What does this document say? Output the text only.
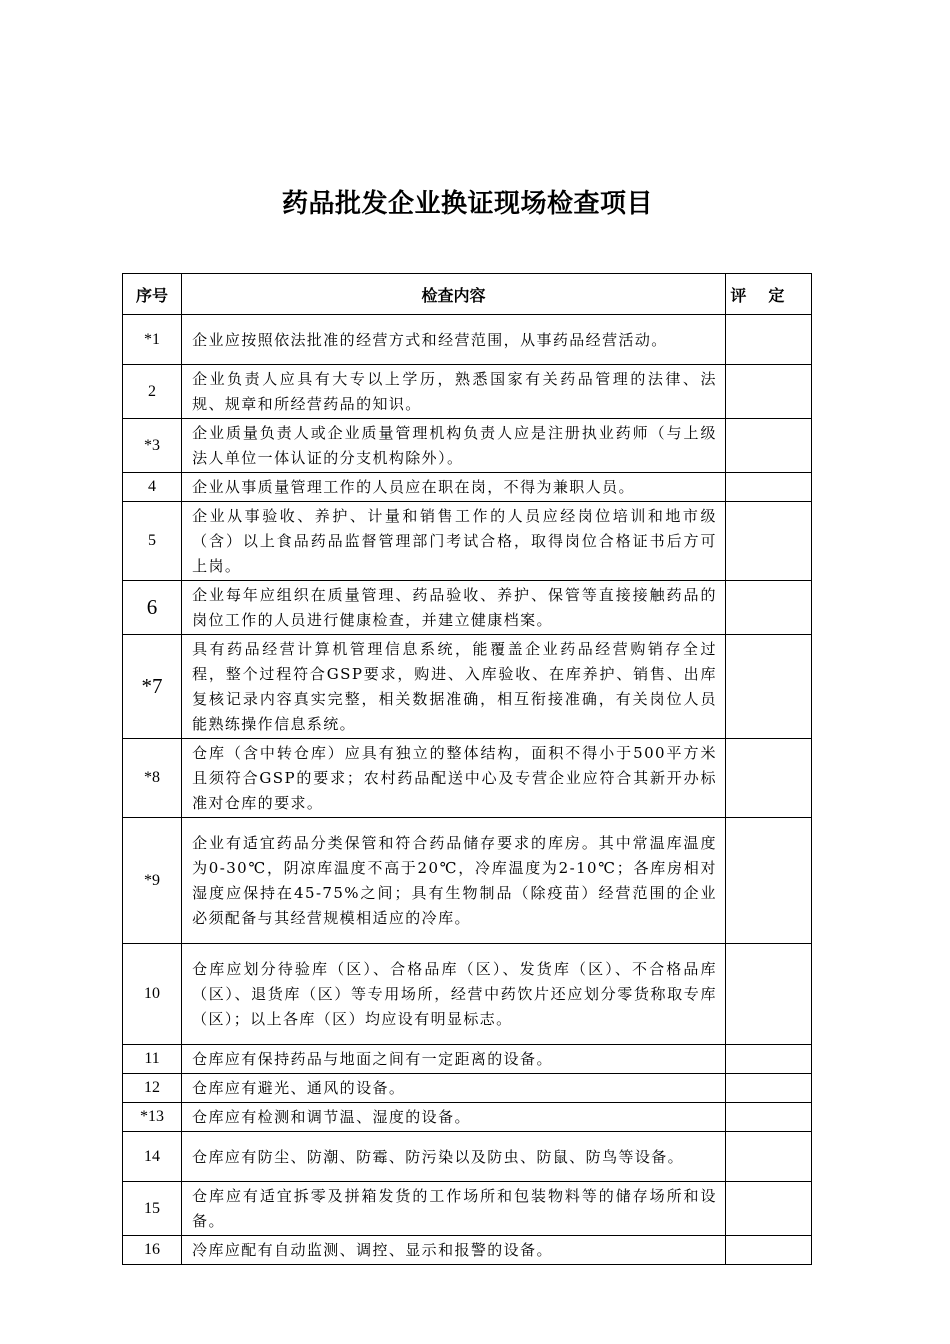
药品批发企业换证现场检查项目
序号	检查内容	评定
*1	企业应按照依法批准的经营方式和经营范围，从事药品经营活动。	
2	企业负责人应具有大专以上学历，熟悉国家有关药品管理的法律、法规、规章和所经营药品的知识。	
*3	企业质量负责人或企业质量管理机构负责人应是注册执业药师（与上级法人单位一体认证的分支机构除外）。	
4	企业从事质量管理工作的人员应在职在岗，不得为兼职人员。	
5	企业从事验收、养护、计量和销售工作的人员应经岗位培训和地市级（含）以上食品药品监督管理部门考试合格，取得岗位合格证书后方可上岗。	
6	企业每年应组织在质量管理、药品验收、养护、保管等直接接触药品的岗位工作的人员进行健康检查，并建立健康档案。	
*7	具有药品经营计算机管理信息系统，能覆盖企业药品经营购销存全过程，整个过程符合GSP要求，购进、入库验收、在库养护、销售、出库复核记录内容真实完整，相关数据准确，相互衔接准确，有关岗位人员能熟练操作信息系统。	
*8	仓库（含中转仓库）应具有独立的整体结构，面积不得小于500平方米且须符合GSP的要求；农村药品配送中心及专营企业应符合其新开办标准对仓库的要求。	
*9	企业有适宜药品分类保管和符合药品储存要求的库房。其中常温库温度为0-30℃，阴凉库温度不高于20℃，冷库温度为2-10℃；各库房相对湿度应保持在45-75%之间；具有生物制品（除疫苗）经营范围的企业必须配备与其经营规模相适应的冷库。	
10	仓库应划分待验库（区）、合格品库（区）、发货库（区）、不合格品库（区）、退货库（区）等专用场所，经营中药饮片还应划分零货称取专库（区）；以上各库（区）均应设有明显标志。	
11	仓库应有保持药品与地面之间有一定距离的设备。	
12	仓库应有避光、通风的设备。	
*13	仓库应有检测和调节温、湿度的设备。	
14	仓库应有防尘、防潮、防霉、防污染以及防虫、防鼠、防鸟等设备。	
15	仓库应有适宜拆零及拼箱发货的工作场所和包装物料等的储存场所和设备。	
16	冷库应配有自动监测、调控、显示和报警的设备。	
